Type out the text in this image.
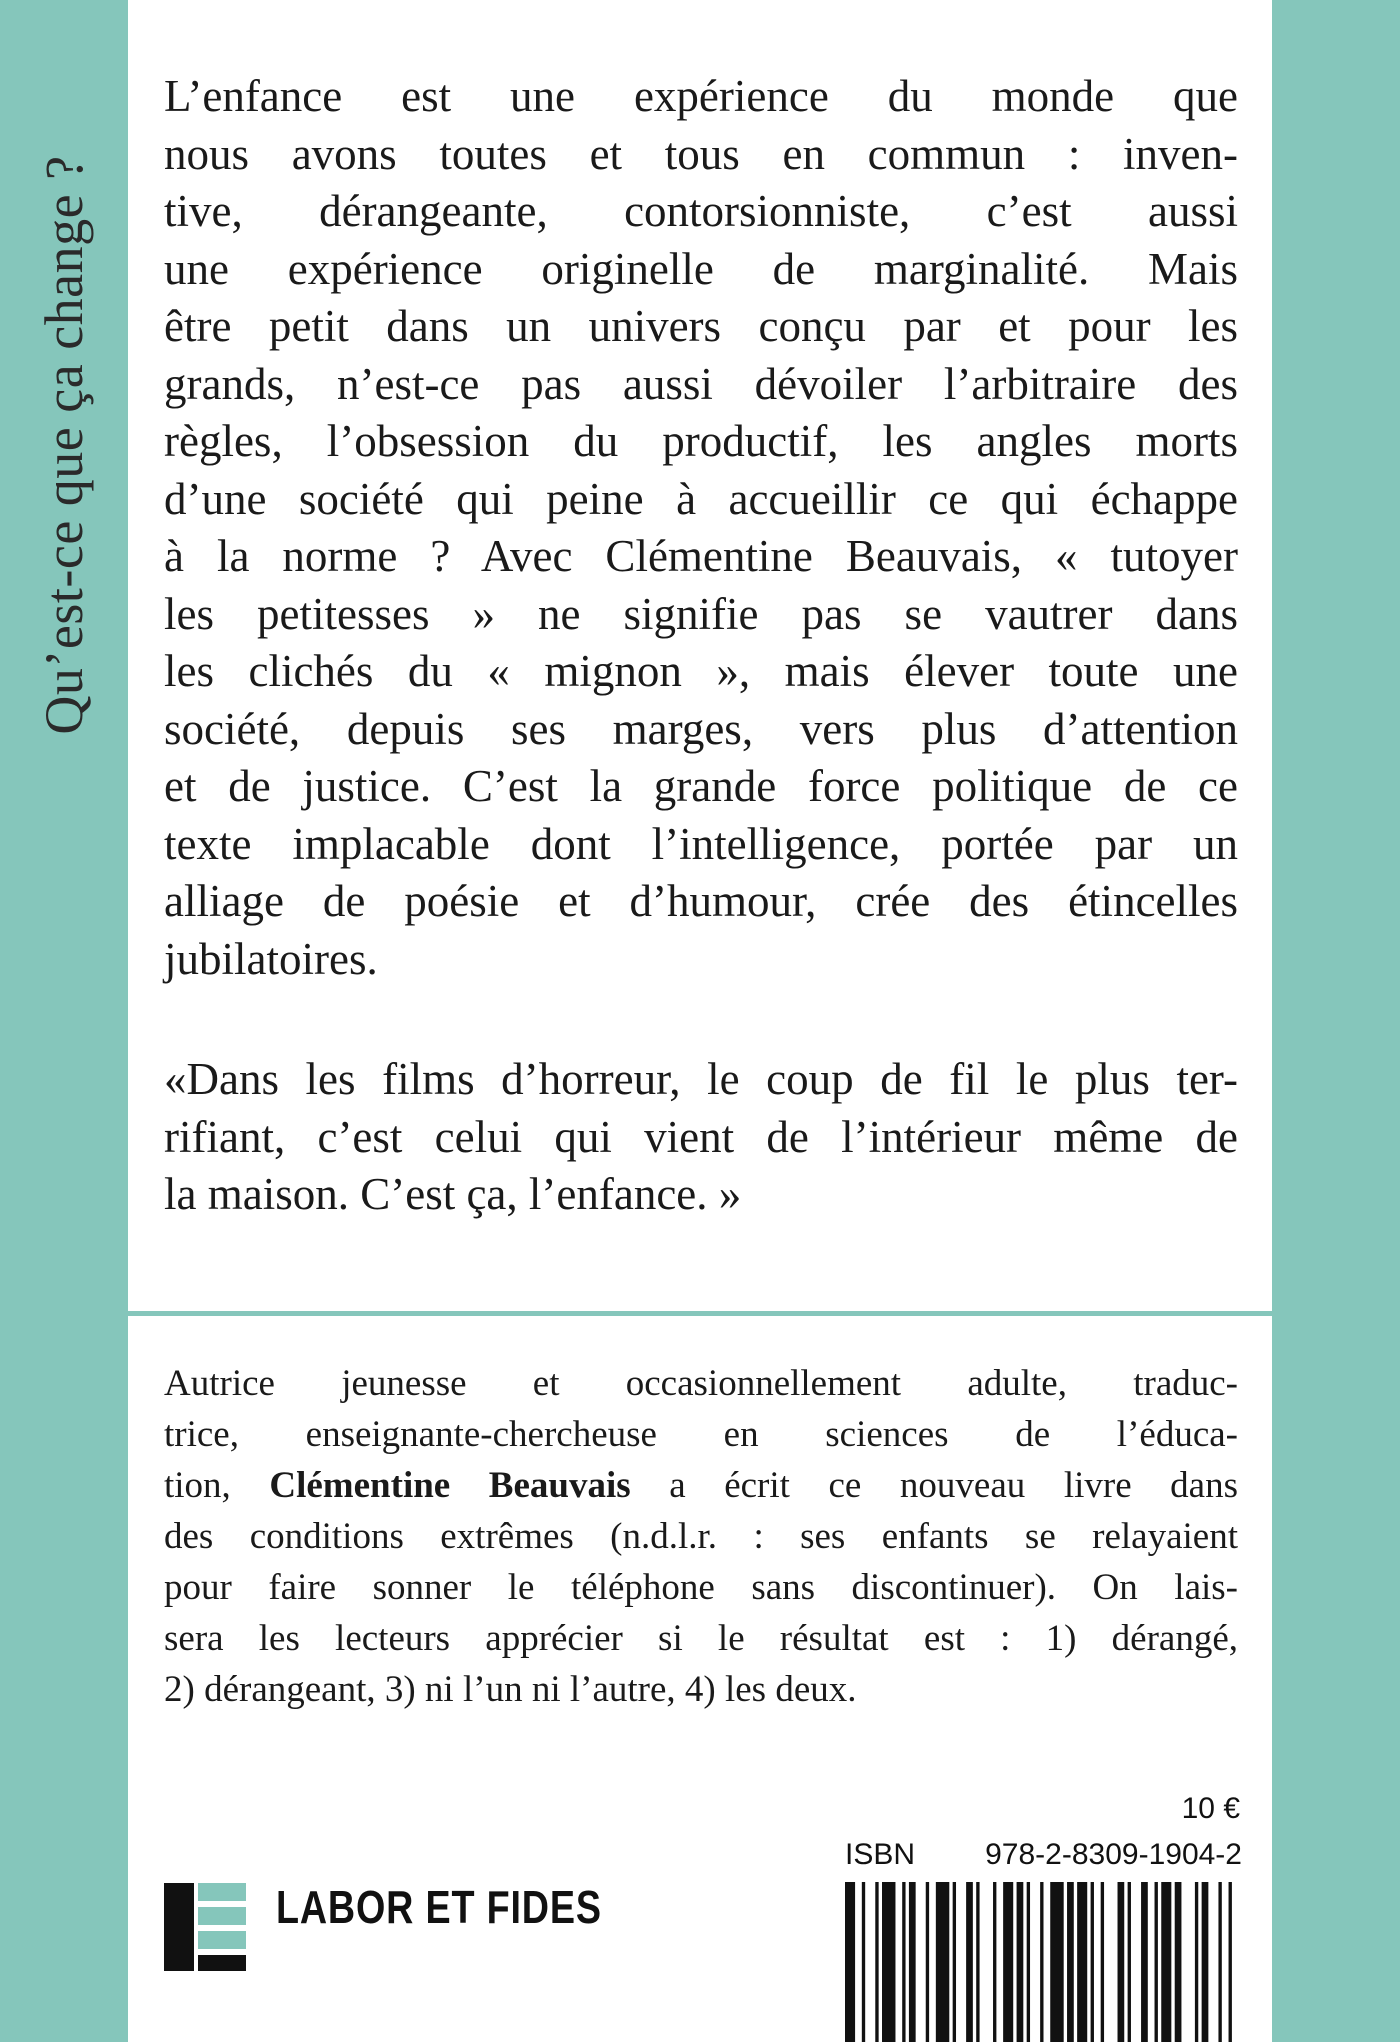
Qu’est-ce que ça change ?
L’enfance est une expérience du monde que
nous avons toutes et tous en commun : inven-
tive, dérangeante, contorsionniste, c’est aussi
une expérience originelle de marginalité. Mais
être petit dans un univers conçu par et pour les
grands, n’est-ce pas aussi dévoiler l’arbitraire des
règles, l’obsession du productif, les angles morts
d’une société qui peine à accueillir ce qui échappe
à la norme ? Avec Clémentine Beauvais, « tutoyer
les petitesses » ne signifie pas se vautrer dans
les clichés du « mignon », mais élever toute une
société, depuis ses marges, vers plus d’attention
et de justice. C’est la grande force politique de ce
texte implacable dont l’intelligence, portée par un
alliage de poésie et d’humour, crée des étincelles
jubilatoires.
«Dans les films d’horreur, le coup de fil le plus ter-
rifiant, c’est celui qui vient de l’intérieur même de
la maison. C’est ça, l’enfance. »
Autrice jeunesse et occasionnellement adulte, traduc-
trice, enseignante-chercheuse en sciences de l’éduca-
tion, Clémentine Beauvais a écrit ce nouveau livre dans
des conditions extrêmes (n.d.l.r. : ses enfants se relayaient
pour faire sonner le téléphone sans discontinuer). On lais-
sera les lecteurs apprécier si le résultat est : 1) dérangé,
2) dérangeant, 3) ni l’un ni l’autre, 4) les deux.
LABOR ET FIDES
10 €
ISBN 978-2-8309-1904-2
